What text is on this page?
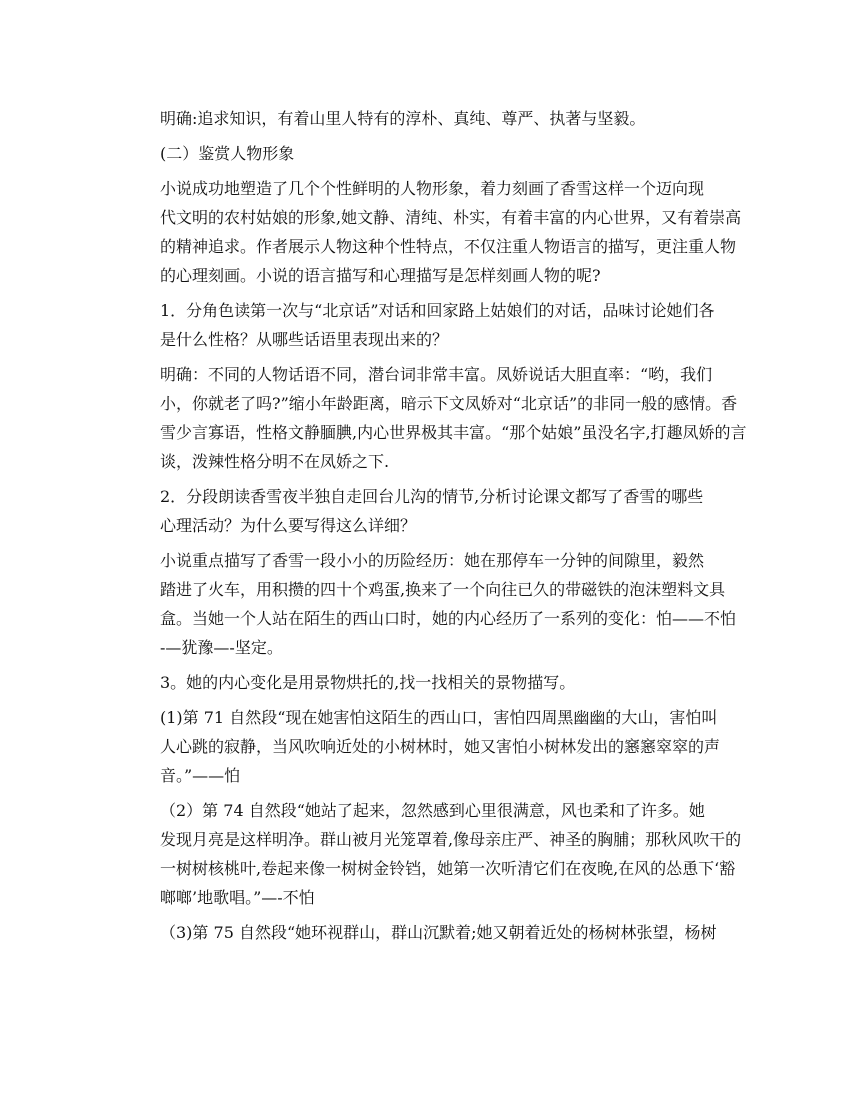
明确:追求知识，有着山里人特有的淳朴、真纯、尊严、执著与坚毅。

(二）鉴赏人物形象

小说成功地塑造了几个个性鲜明的人物形象，着力刻画了香雪这样一个迈向现
代文明的农村姑娘的形象,她文静、清纯、朴实，有着丰富的内心世界，又有着崇高
的精神追求。作者展示人物这种个性特点，不仅注重人物语言的描写，更注重人物
的心理刻画。小说的语言描写和心理描写是怎样刻画人物的呢?

1．分角色读第一次与“北京话”对话和回家路上姑娘们的对话，品味讨论她们各
是什么性格？从哪些话语里表现出来的？

明确：不同的人物话语不同，潜台词非常丰富。凤娇说话大胆直率：“哟，我们
小，你就老了吗?”缩小年龄距离，暗示下文凤娇对“北京话”的非同一般的感情。香
雪少言寡语，性格文静腼腆,内心世界极其丰富。“那个姑娘”虽没名字,打趣凤娇的言
谈，泼辣性格分明不在凤娇之下.

2．分段朗读香雪夜半独自走回台儿沟的情节,分析讨论课文都写了香雪的哪些
心理活动？为什么要写得这么详细？

小说重点描写了香雪一段小小的历险经历：她在那停车一分钟的间隙里，毅然
踏进了火车，用积攒的四十个鸡蛋,换来了一个向往已久的带磁铁的泡沫塑料文具
盒。当她一个人站在陌生的西山口时，她的内心经历了一系列的变化：怕——不怕
-—犹豫—-坚定。

3。她的内心变化是用景物烘托的,找一找相关的景物描写。

(1)第 71 自然段“现在她害怕这陌生的西山口，害怕四周黑幽幽的大山，害怕叫
人心跳的寂静，当风吹响近处的小树林时，她又害怕小树林发出的窸窸窣窣的声
音。”——怕

（2）第 74 自然段“她站了起来，忽然感到心里很满意，风也柔和了许多。她
发现月亮是这样明净。群山被月光笼罩着,像母亲庄严、神圣的胸脯；那秋风吹干的
一树树核桃叶,卷起来像一树树金铃铛，她第一次听清它们在夜晚,在风的怂恿下‘豁
啷啷’地歌唱。”—-不怕

（3)第 75 自然段“她环视群山，群山沉默着;她又朝着近处的杨树林张望，杨树
